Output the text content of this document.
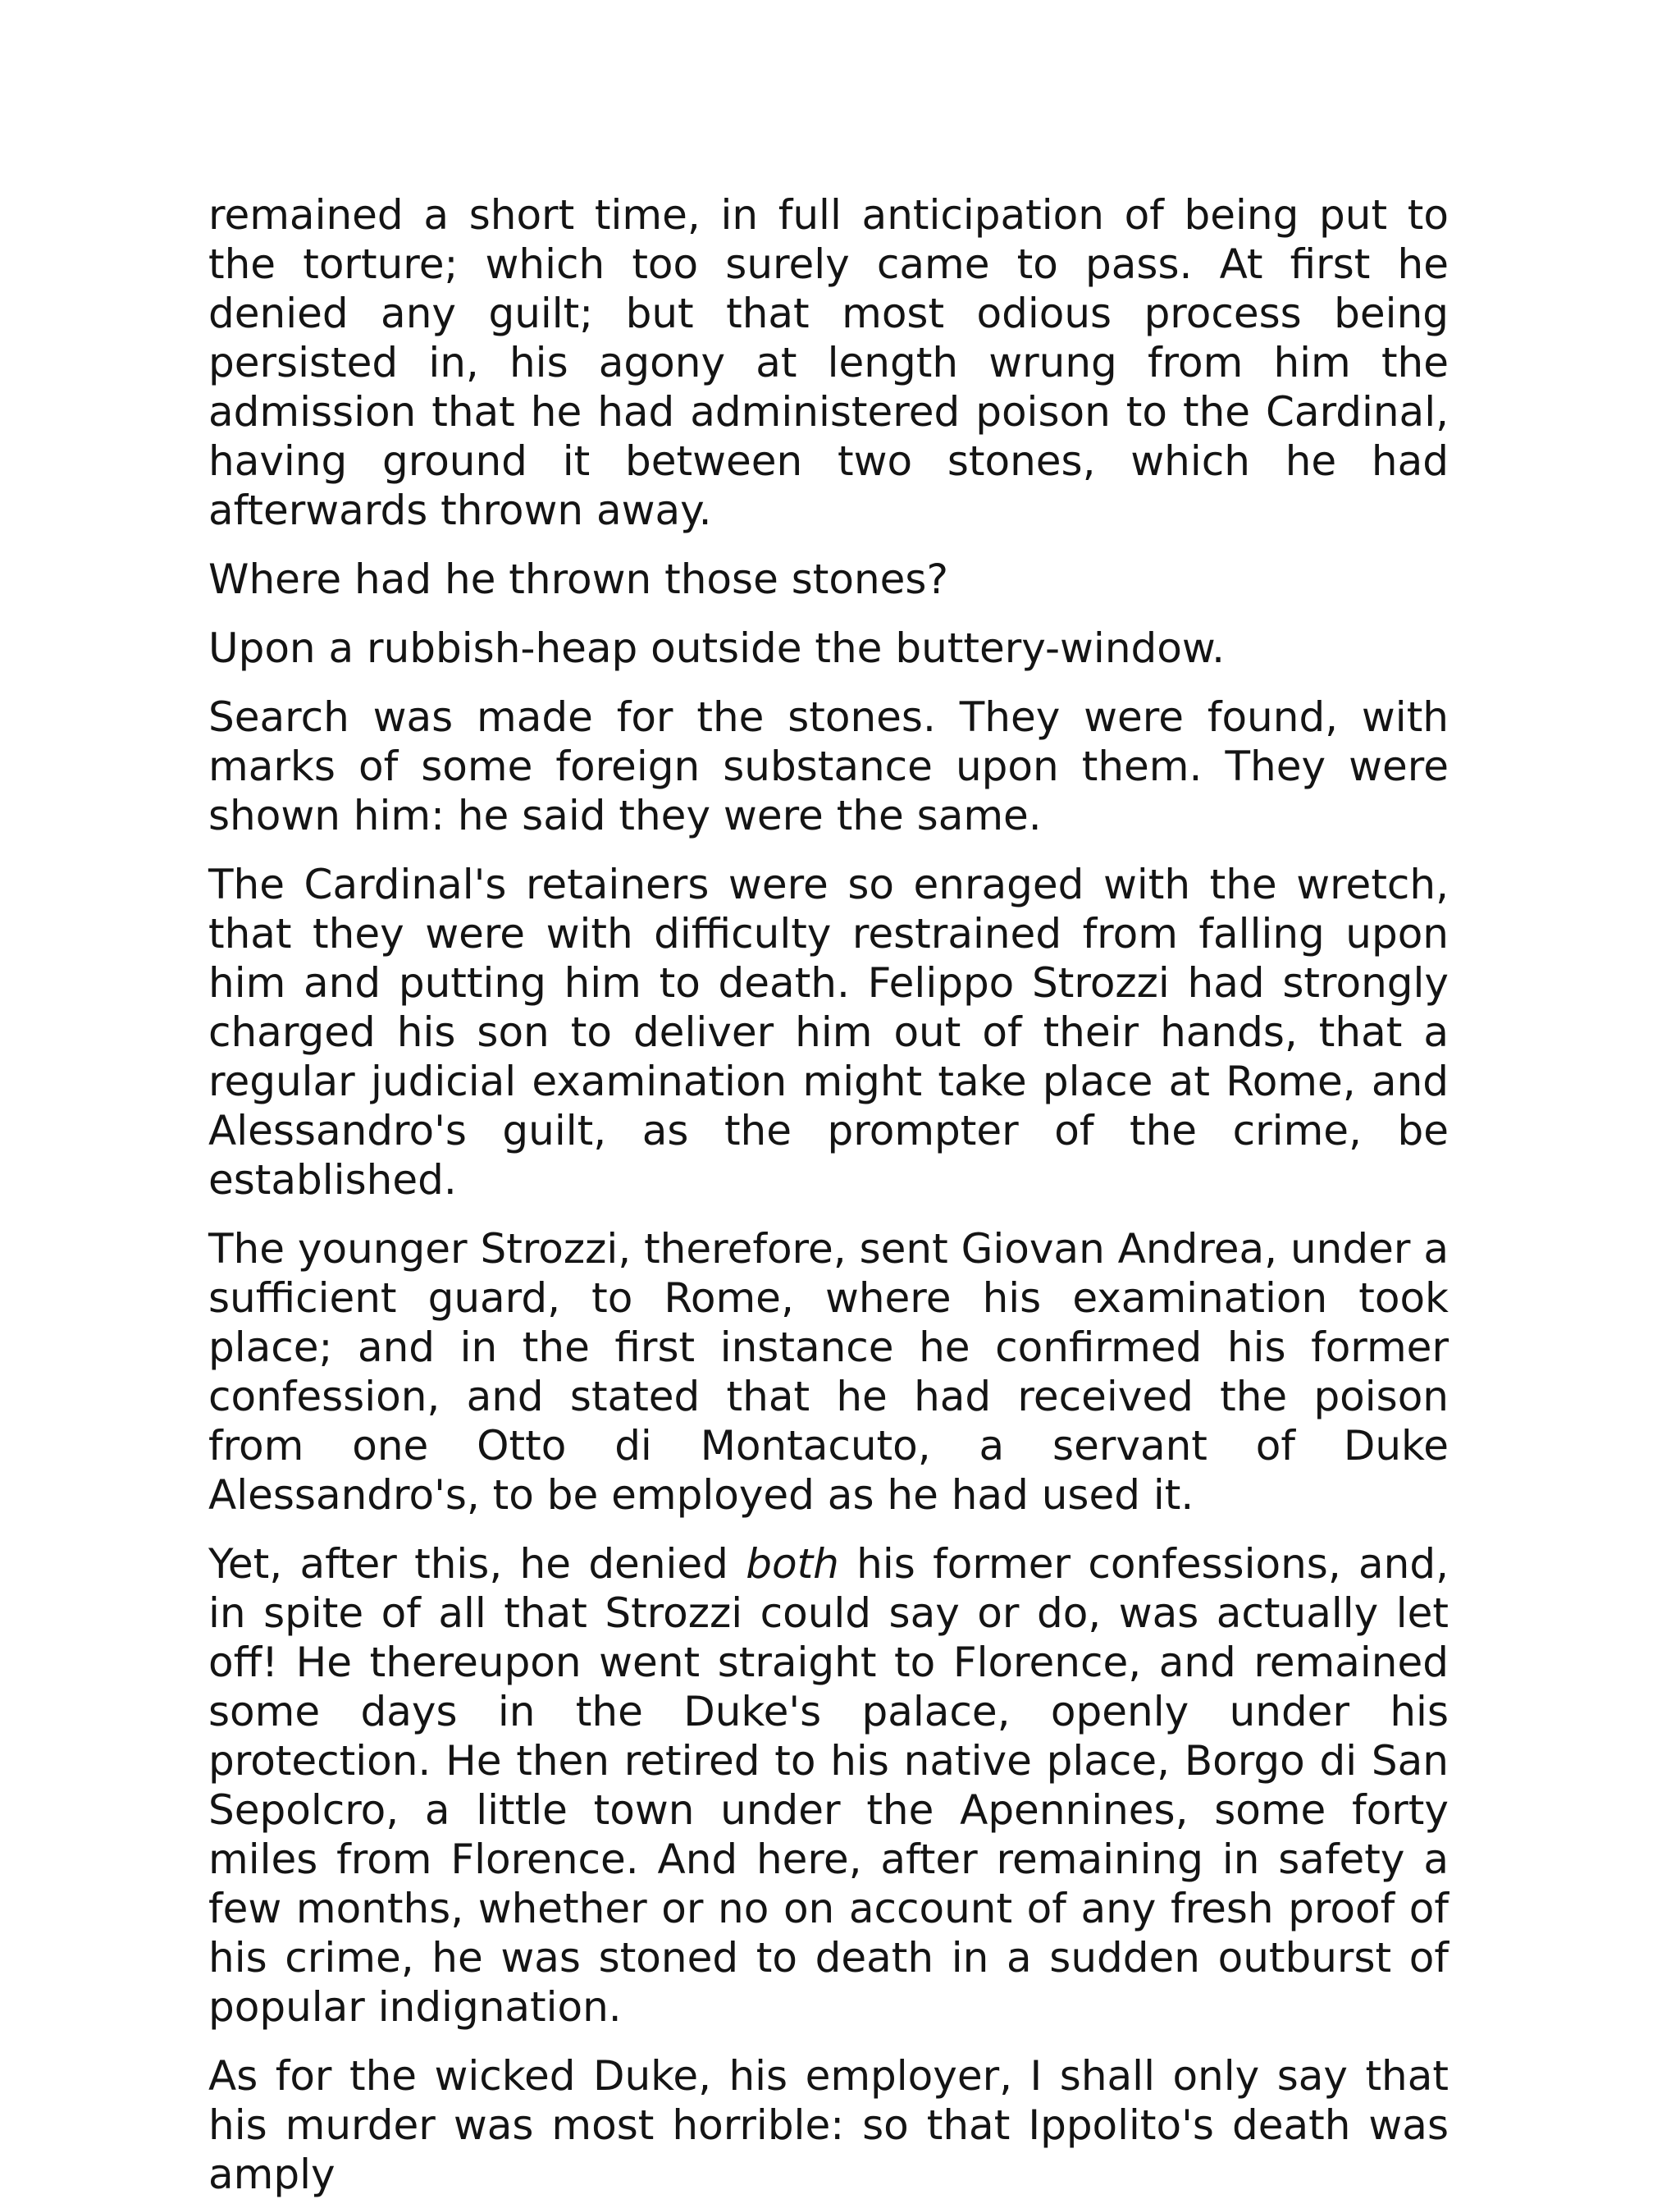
remained a short time, in full anticipation of being put to the torture; which too surely came to pass. At first he denied any guilt; but that most odious process being persisted in, his agony at length wrung from him the admission that he had administered poison to the Cardinal, having ground it between two stones, which he had afterwards thrown away.

Where had he thrown those stones?

Upon a rubbish-heap outside the buttery-window.

Search was made for the stones. They were found, with marks of some foreign substance upon them. They were shown him: he said they were the same.

The Cardinal's retainers were so enraged with the wretch, that they were with difficulty restrained from falling upon him and putting him to death. Felippo Strozzi had strongly charged his son to deliver him out of their hands, that a regular judicial examination might take place at Rome, and Alessandro's guilt, as the prompter of the crime, be established.

The younger Strozzi, therefore, sent Giovan Andrea, under a sufficient guard, to Rome, where his examination took place; and in the first instance he confirmed his former confession, and stated that he had received the poison from one Otto di Montacuto, a servant of Duke Alessandro's, to be employed as he had used it.

Yet, after this, he denied both his former confessions, and, in spite of all that Strozzi could say or do, was actually let off! He thereupon went straight to Florence, and remained some days in the Duke's palace, openly under his protection. He then retired to his native place, Borgo di San Sepolcro, a little town under the Apennines, some forty miles from Florence. And here, after remaining in safety a few months, whether or no on account of any fresh proof of his crime, he was stoned to death in a sudden outburst of popular indignation.

As for the wicked Duke, his employer, I shall only say that his murder was most horrible: so that Ippolito's death was amply
